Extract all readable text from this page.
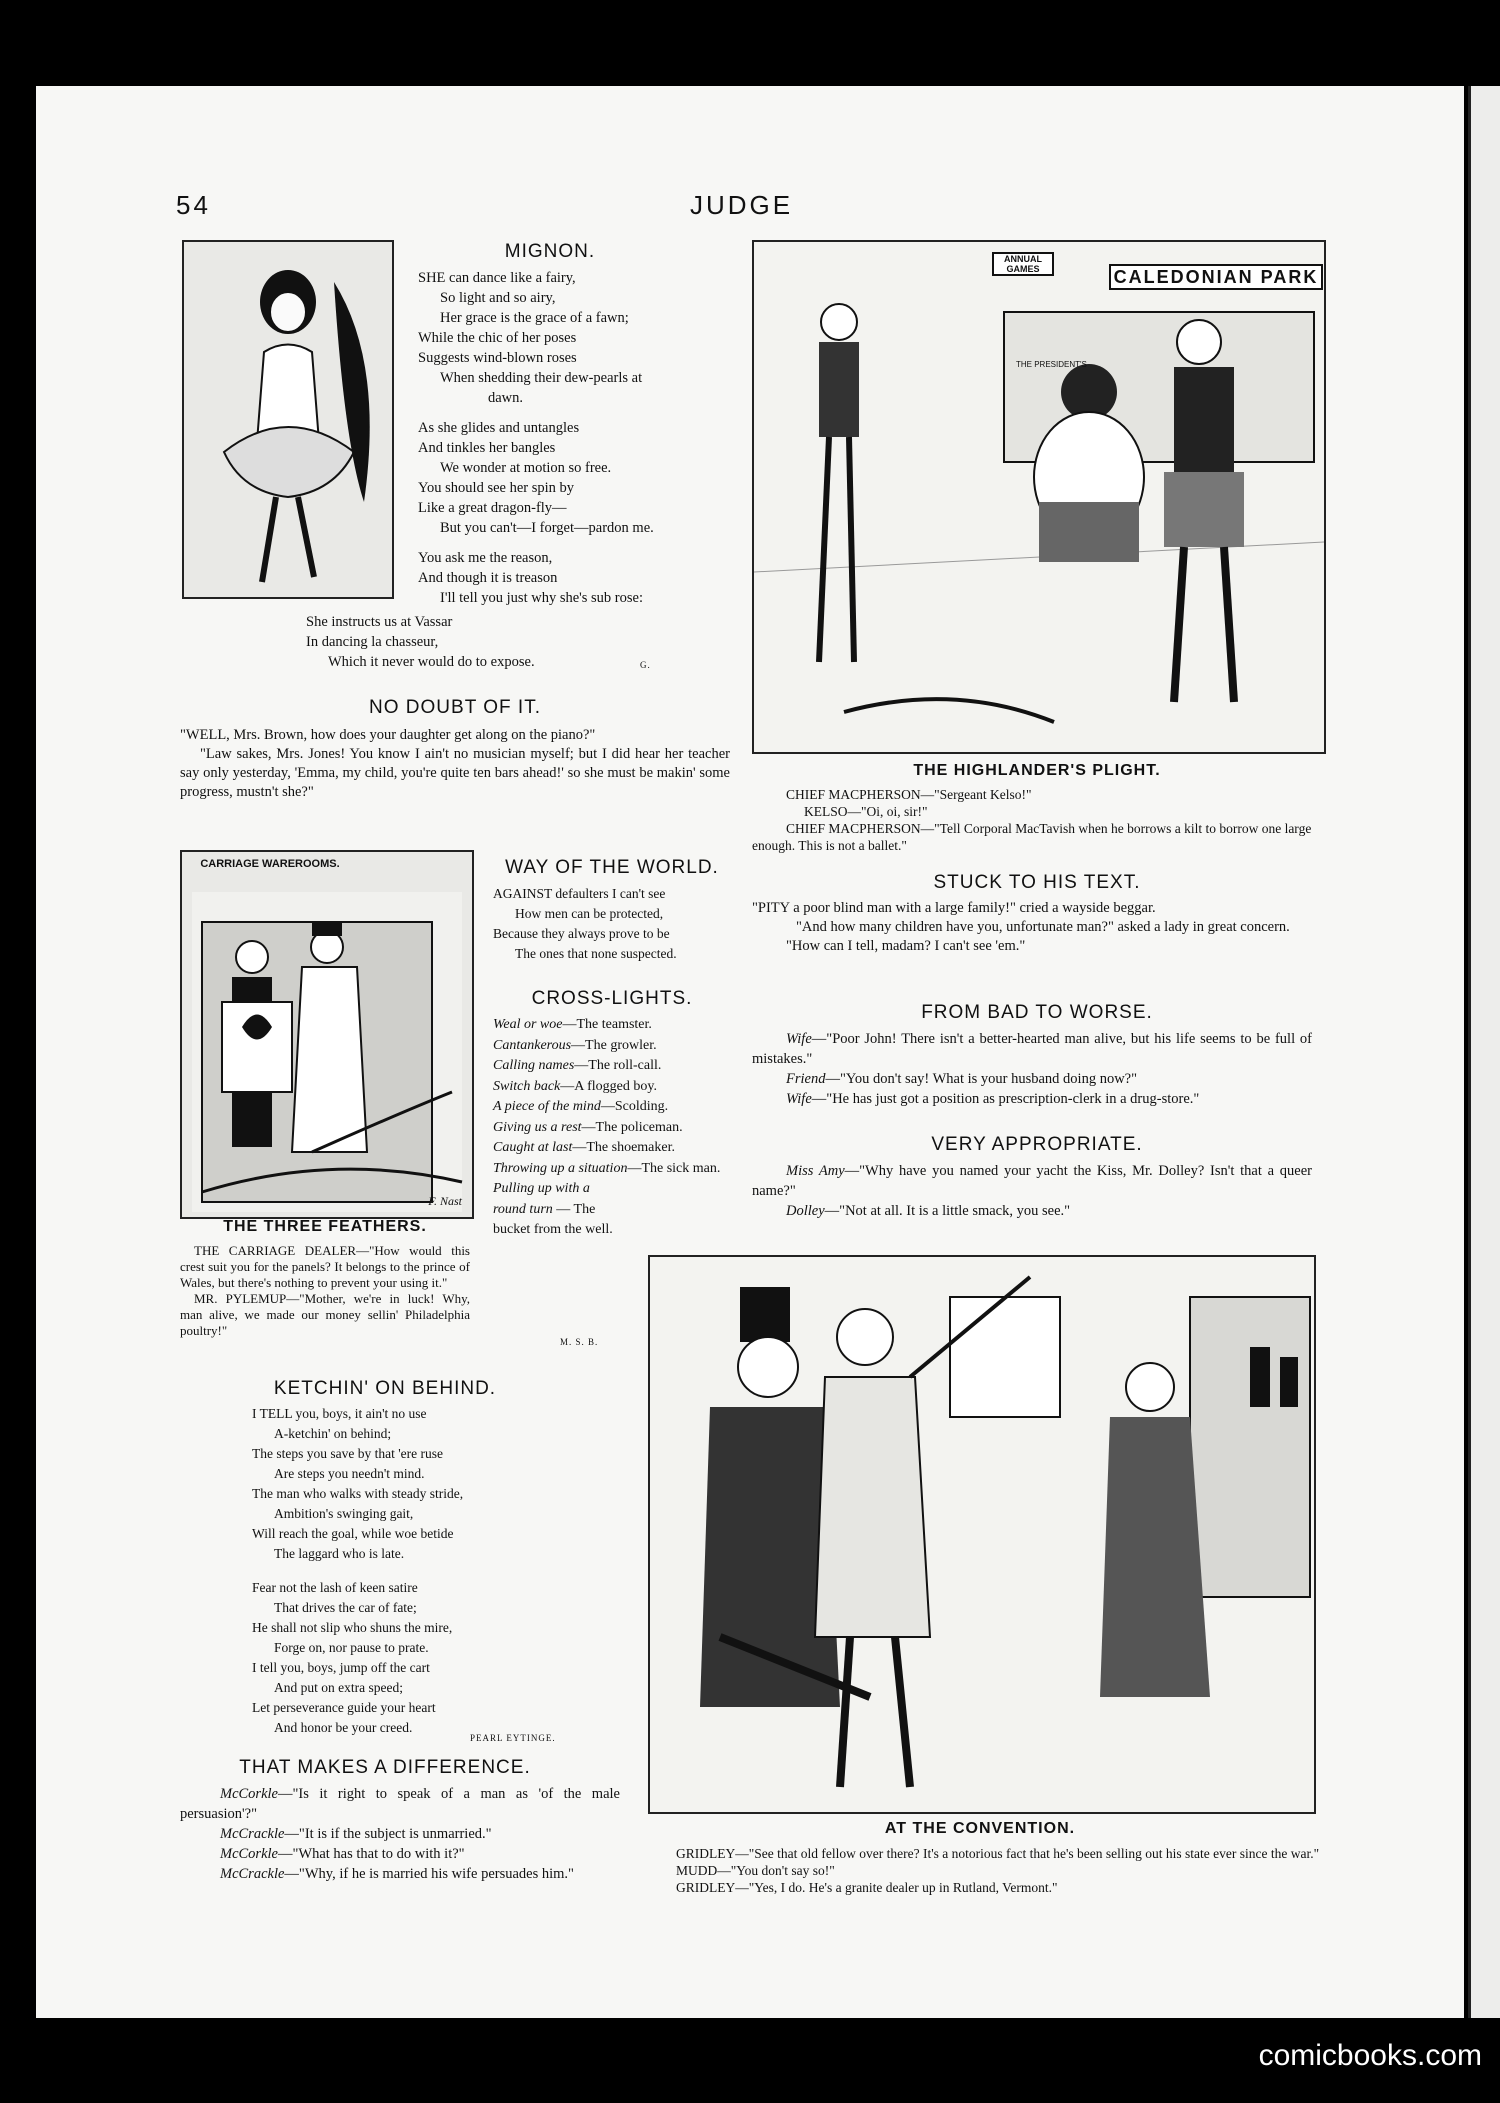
54	JUDGE
MIGNON.
SHE can dance like a fairy,
So light and so airy,
Her grace is the grace of a fawn;
While the chic of her poses
Suggests wind-blown roses
When shedding their dew-pearls at
dawn.
As she glides and untangles
And tinkles her bangles
We wonder at motion so free.
You should see her spin by
Like a great dragon-fly—
But you can't—I forget—pardon me.
You ask me the reason,
And though it is treason
I'll tell you just why she's sub rose:
She instructs us at Vassar
In dancing la chasseur,
Which it never would do to expose.	G.
NO DOUBT OF IT.

"WELL, Mrs. Brown, how does your daughter get along on the piano?"

"Law sakes, Mrs. Jones! You know I ain't no musician myself; but I did hear her teacher say only yesterday, 'Emma, my child, you're quite ten bars ahead!' so she must be makin' some progress, mustn't she?"

CARRIAGE WAREROOMS.
F. Nast
THE THREE FEATHERS.

THE CARRIAGE DEALER—"How would this crest suit you for the panels? It belongs to the prince of Wales, but there's nothing to prevent your using it."

MR. PYLEMUP—"Mother, we're in luck! Why, man alive, we made our money sellin' Philadelphia poultry!"

WAY OF THE WORLD.
AGAINST defaulters I can't see
How men can be protected,
Because they always prove to be
The ones that none suspected.
CROSS-LIGHTS.

Weal or woe—The teamster.

Cantankerous—The growler.

Calling names—The roll-call.

Switch back—A flogged boy.

A piece of the mind—Scolding.

Giving us a rest—The policeman.

Caught at last—The shoemaker.

Throwing up a situation—The sick man.

Pulling up with a round turn — The bucket from the well.

M. S. B.
KETCHIN' ON BEHIND.
I TELL you, boys, it ain't no use
A-ketchin' on behind;
The steps you save by that 'ere ruse
Are steps you needn't mind.
The man who walks with steady stride,
Ambition's swinging gait,
Will reach the goal, while woe betide
The laggard who is late.
Fear not the lash of keen satire
That drives the car of fate;
He shall not slip who shuns the mire,
Forge on, nor pause to prate.
I tell you, boys, jump off the cart
And put on extra speed;
Let perseverance guide your heart
And honor be your creed.
PEARL EYTINGE.
THAT MAKES A DIFFERENCE.

McCorkle—"Is it right to speak of a man as 'of the male persuasion'?"

McCrackle—"It is if the subject is unmarried."

McCorkle—"What has that to do with it?"

McCrackle—"Why, if he is married his wife persuades him."

CALEDONIAN PARK
ANNUAL GAMES
THE PRESIDENT'S
THE HIGHLANDER'S PLIGHT.

CHIEF MACPHERSON—"Sergeant Kelso!"

KELSO—"Oi, oi, sir!"

CHIEF MACPHERSON—"Tell Corporal MacTavish when he borrows a kilt to borrow one large enough. This is not a ballet."

STUCK TO HIS TEXT.

"PITY a poor blind man with a large family!" cried a wayside beggar.

"And how many children have you, unfortunate man?" asked a lady in great concern.

"How can I tell, madam? I can't see 'em."

FROM BAD TO WORSE.

Wife—"Poor John! There isn't a better-hearted man alive, but his life seems to be full of mistakes."

Friend—"You don't say! What is your husband doing now?"

Wife—"He has just got a position as prescription-clerk in a drug-store."

VERY APPROPRIATE.

Miss Amy—"Why have you named your yacht the Kiss, Mr. Dolley? Isn't that a queer name?"

Dolley—"Not at all. It is a little smack, you see."

AT THE CONVENTION.

GRIDLEY—"See that old fellow over there? It's a notorious fact that he's been selling out his state ever since the war."

MUDD—"You don't say so!"

GRIDLEY—"Yes, I do. He's a granite dealer up in Rutland, Vermont."

comicbooks.com
